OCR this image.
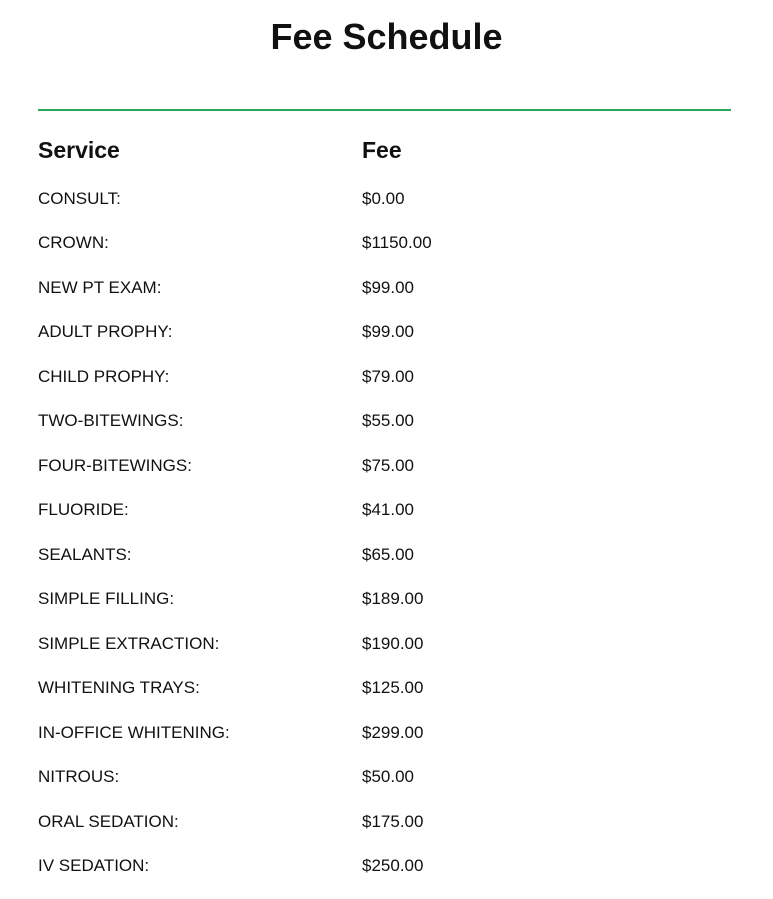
Fee Schedule
Service	Fee
CONSULT:	$0.00
CROWN:	$1150.00
NEW PT EXAM:	$99.00
ADULT PROPHY:	$99.00
CHILD PROPHY:	$79.00
TWO-BITEWINGS:	$55.00
FOUR-BITEWINGS:	$75.00
FLUORIDE:	$41.00
SEALANTS:	$65.00
SIMPLE FILLING:	$189.00
SIMPLE EXTRACTION:	$190.00
WHITENING TRAYS:	$125.00
IN-OFFICE WHITENING:	$299.00
NITROUS:	$50.00
ORAL SEDATION:	$175.00
IV SEDATION:	$250.00
